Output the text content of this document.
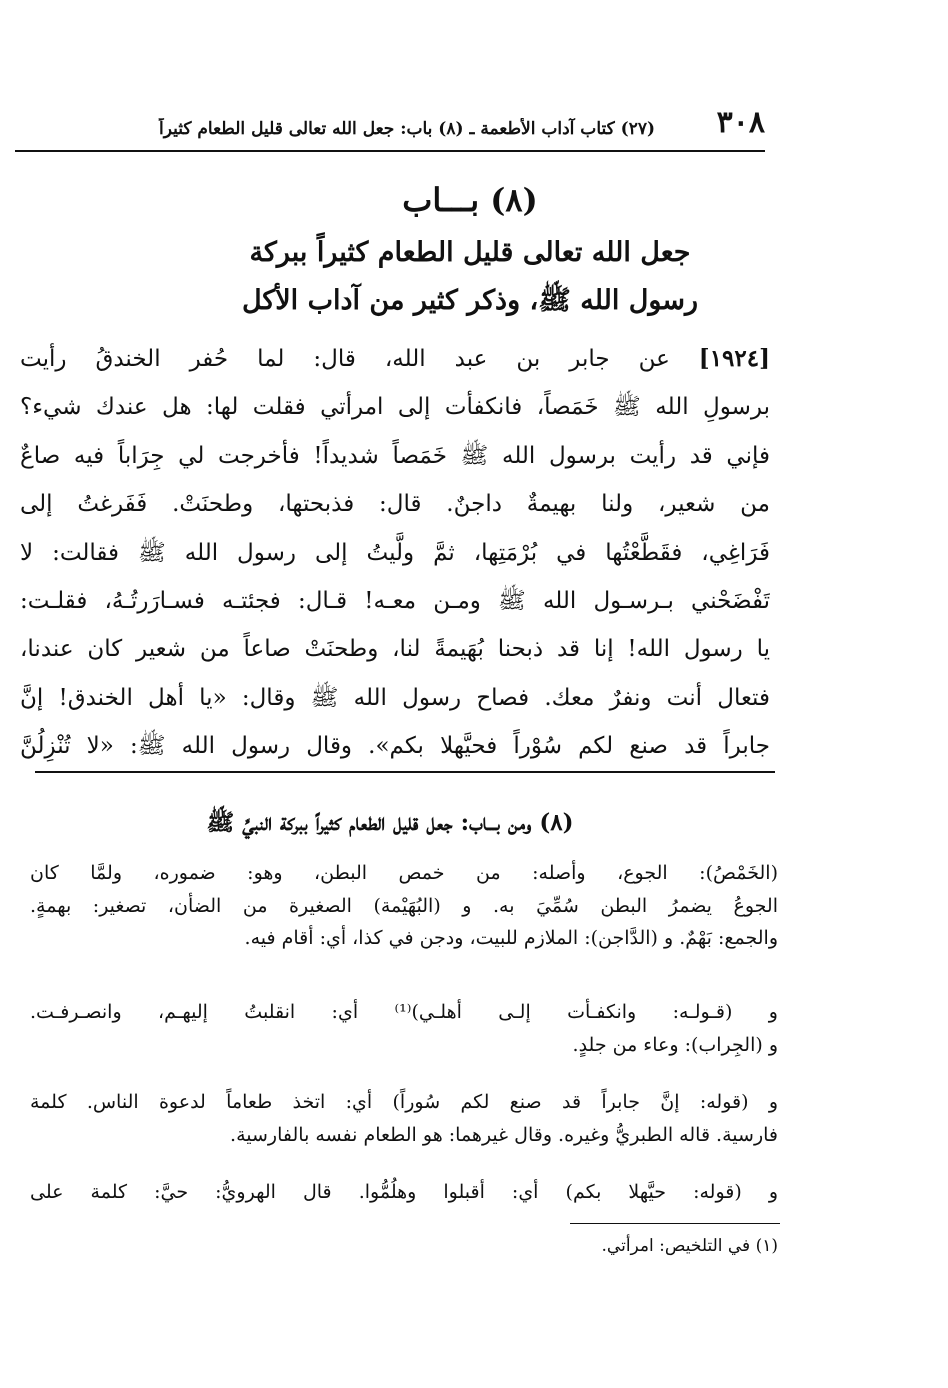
٣٠٨
(٢٧) كتاب آداب الأطعمة ـ (٨) باب: جعل الله تعالى قليل الطعام كثيراً
(٨) بـــاب
جعل الله تعالى قليل الطعام كثيراً ببركة
رسول الله ﷺ، وذكر كثير من آداب الأكل
[١٩٢٤] عن جابر بن عبد الله، قال: لما حُفر الخندقُ رأيت
برسولِ الله ﷺ خَمَصاً، فانكفأت إلى امرأتي فقلت لها: هل عندك شيء؟
فإني قد رأيت برسول الله ﷺ خَمَصاً شديداً! فأخرجت لي جِرَاباً فيه صاعٌ
من شعير، ولنا بهيمةٌ داجنٌ. قال: فذبحتها، وطحنَتْ. فَفَرغتُ إلى
فَرَاغِي، فقَطَّعْتُها في بُرْمَتِها، ثمَّ ولَّيتُ إلى رسول الله ﷺ فقالت: لا
تَفْضَحْني بـرسـول الله ﷺ ومـن معـه! قـال: فجئتـه فسـارَرتُـهُ، فقلـت:
يا رسول الله! إنا قد ذبحنا بُهَيمةً لنا، وطحنَتْ صاعاً من شعير كان عندنا،
فتعال أنت ونفرٌ معك. فصاح رسول الله ﷺ وقال: «يا أهل الخندق! إنَّ
جابراً قد صنع لكم سُوْراً فحيَّهلا بكم». وقال رسول الله ﷺ: «لا تُنْزِلُنَّ
(٨) ومن بـــاب: جعل قليل الطعام كثيراً ببركة النبيِّ ﷺ
(الخَمْصُ): الجوع، وأصله: من خمص البطن، وهو: ضموره، ولمَّا كان
الجوعُ يضمرُ البطن سُمِّيَ به. و (البُهَيْمة) الصغيرة من الضأن، تصغير: بهمةٍ.
والجمع: بَهْمٌ. و (الدَّاجن): الملازم للبيت، ودجن في كذا، أي: أقام فيه.
و (قـولـه: وانكفـأت إلـى أهلـي)⁽¹⁾ أي: انقلبتُ إليهـم، وانصـرفـت.
و (الجِراب): وعاء من جلدٍ.
و (قوله: إنَّ جابراً قد صنع لكم سُوراً) أي: اتخذ طعاماً لدعوة الناس. كلمة
فارسية. قاله الطبريُّ وغيره. وقال غيرهما: هو الطعام نفسه بالفارسية.
و (قوله: حيَّهلا بكم) أي: أقبلوا وهلُمُّوا. قال الهرويُّ: حيَّ: كلمة على
(١) في التلخيص: امرأتي.
